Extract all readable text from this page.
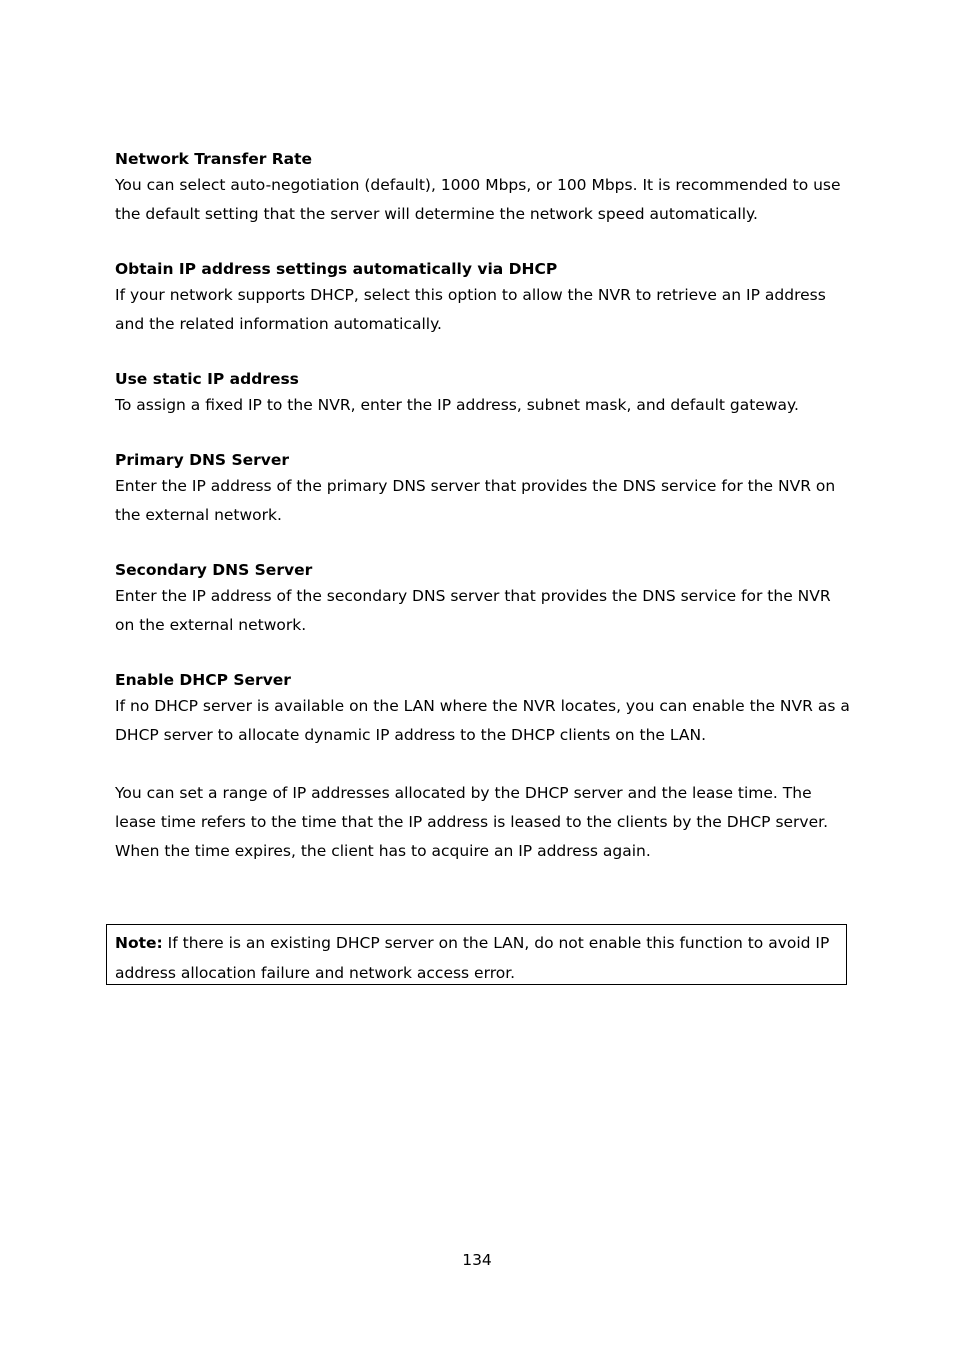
Network Transfer Rate

You can select auto-negotiation (default), 1000 Mbps, or 100 Mbps. It is recommended to use the default setting that the server will determine the network speed automatically.

Obtain IP address settings automatically via DHCP

If your network supports DHCP, select this option to allow the NVR to retrieve an IP address and the related information automatically.

Use static IP address

To assign a fixed IP to the NVR, enter the IP address, subnet mask, and default gateway.

Primary DNS Server

Enter the IP address of the primary DNS server that provides the DNS service for the NVR on the external network.

Secondary DNS Server

Enter the IP address of the secondary DNS server that provides the DNS service for the NVR on the external network.

Enable DHCP Server

If no DHCP server is available on the LAN where the NVR locates, you can enable the NVR as a DHCP server to allocate dynamic IP address to the DHCP clients on the LAN.

You can set a range of IP addresses allocated by the DHCP server and the lease time. The lease time refers to the time that the IP address is leased to the clients by the DHCP server. When the time expires, the client has to acquire an IP address again.

Note: If there is an existing DHCP server on the LAN, do not enable this function to avoid IP address allocation failure and network access error.

134
